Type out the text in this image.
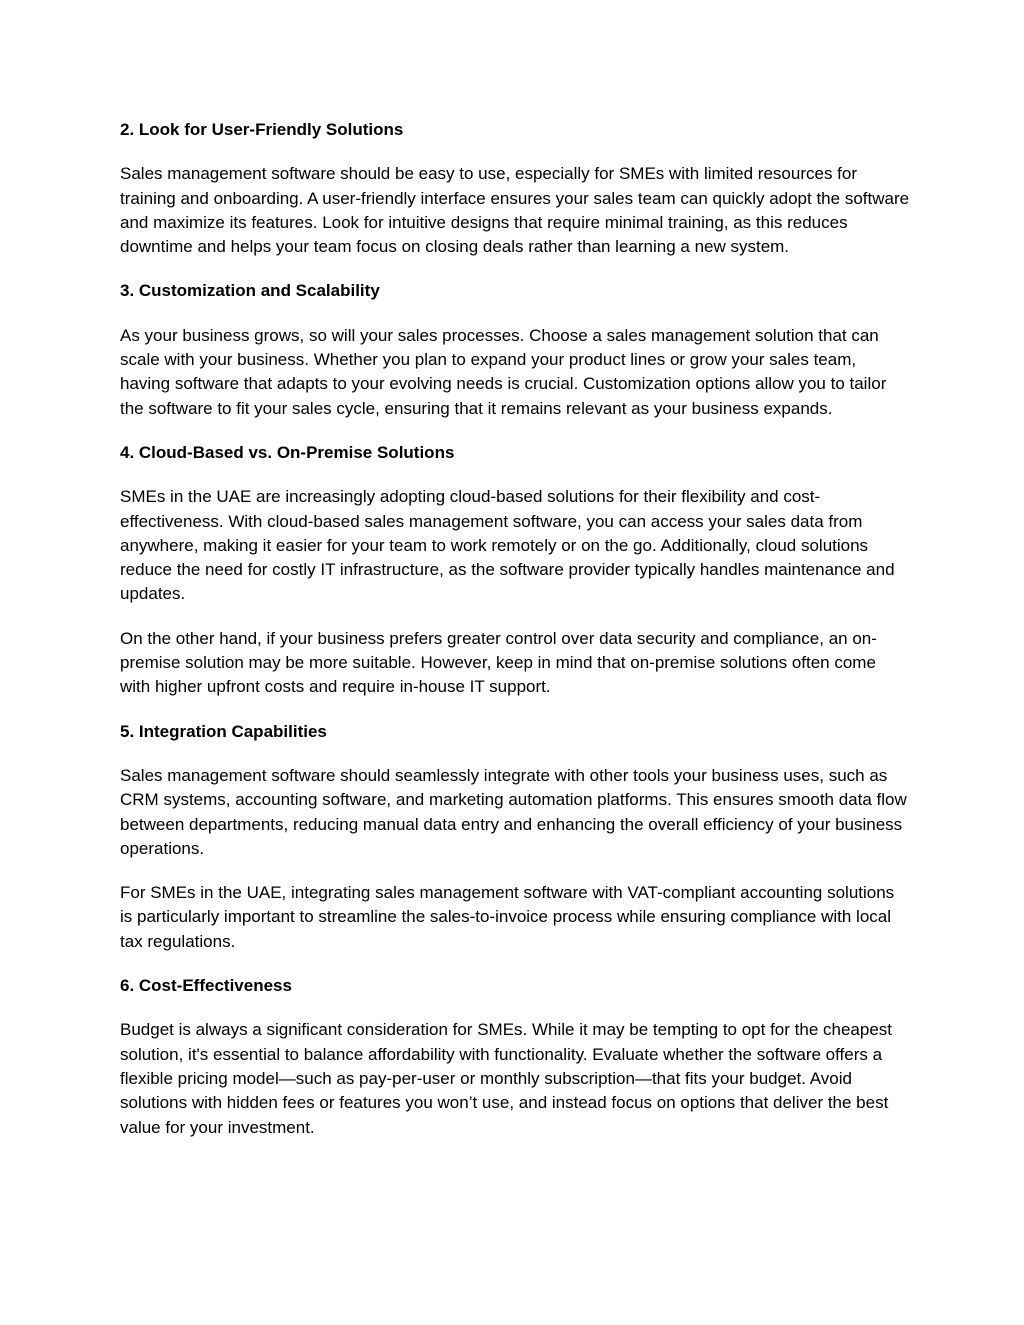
2. Look for User-Friendly Solutions

Sales management software should be easy to use, especially for SMEs with limited resources for training and onboarding. A user-friendly interface ensures your sales team can quickly adopt the software and maximize its features. Look for intuitive designs that require minimal training, as this reduces downtime and helps your team focus on closing deals rather than learning a new system.

3. Customization and Scalability

As your business grows, so will your sales processes. Choose a sales management solution that can scale with your business. Whether you plan to expand your product lines or grow your sales team, having software that adapts to your evolving needs is crucial. Customization options allow you to tailor the software to fit your sales cycle, ensuring that it remains relevant as your business expands.

4. Cloud-Based vs. On-Premise Solutions

SMEs in the UAE are increasingly adopting cloud-based solutions for their flexibility and cost-effectiveness. With cloud-based sales management software, you can access your sales data from anywhere, making it easier for your team to work remotely or on the go. Additionally, cloud solutions reduce the need for costly IT infrastructure, as the software provider typically handles maintenance and updates.

On the other hand, if your business prefers greater control over data security and compliance, an on-premise solution may be more suitable. However, keep in mind that on-premise solutions often come with higher upfront costs and require in-house IT support.

5. Integration Capabilities

Sales management software should seamlessly integrate with other tools your business uses, such as CRM systems, accounting software, and marketing automation platforms. This ensures smooth data flow between departments, reducing manual data entry and enhancing the overall efficiency of your business operations.

For SMEs in the UAE, integrating sales management software with VAT-compliant accounting solutions is particularly important to streamline the sales-to-invoice process while ensuring compliance with local tax regulations.

6. Cost-Effectiveness

Budget is always a significant consideration for SMEs. While it may be tempting to opt for the cheapest solution, it's essential to balance affordability with functionality. Evaluate whether the software offers a flexible pricing model—such as pay-per-user or monthly subscription—that fits your budget. Avoid solutions with hidden fees or features you won’t use, and instead focus on options that deliver the best value for your investment.
